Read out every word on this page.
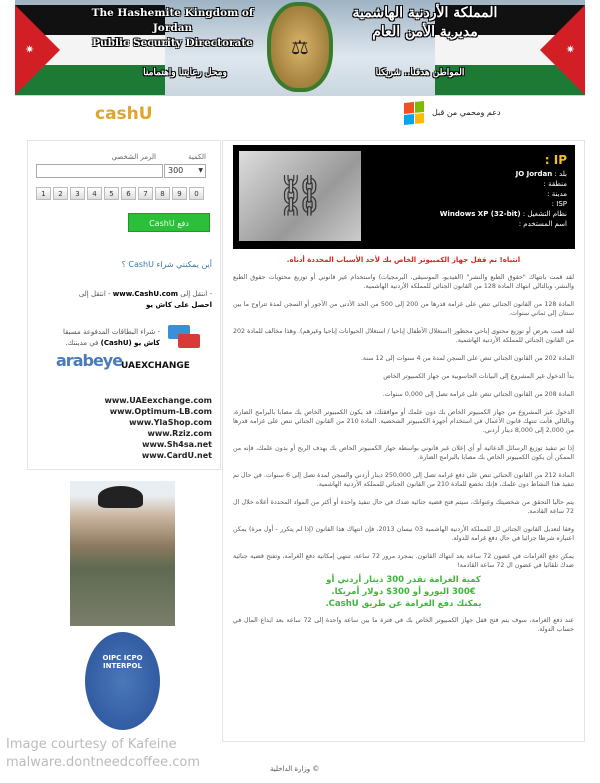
✷	✷
The Hashemite Kingdom of Jordan
Public Security Directorate
ومحل رعايتنا واهتمامنا
⚖
المملكة الأردنية الهاشمية
مديرية الأمن العام
المواطن هدفنا.. شريكنا
cashU	دعم ومحمي من قبل
الكمية
الرمز الشخصي
300	▼
1	2	3	4	5	6	7	8	9	0
دفع CashU
أين يمكنني شراء CashU ؟
- انتقل إلى www.CashU.com - انتقل إلى
احصل على كاش يو
- شراء البطاقات المدفوعة مسبقا
كاش يو (CashU) في مدينتك.
arabeye
UAEXCHANGE
www.UAEexchange.com
www.Optimum-LB.com
www.YlaShop.com
www.Rziz.com
www.Sh4sa.net
www.CardU.net
OIPC ICPO INTERPOL
⛓
IP :
بلد : JO Jordan
منطقة :
مدينة :
ISP :
نظام التشغيل : Windows XP (32-bit)
اسم المستخدم :
انتباه! تم قفل جهاز الكمبيوتر الخاص بك لأحد الأسباب المحددة أدناه.

لقد قمت بانتهاك "حقوق الطبع والنشر" (الفيديو، الموسيقى، البرمجيات) واستخدام غير قانوني أو توزيع محتويات حقوق الطبع والنشر، وبالتالي انتهاك المادة 128 من القانون الجنائي للمملكة الأردنية الهاشمية.

المادة 128 من القانون الجنائي تنص على غرامة قدرها من 200 إلى 500 من الحد الأدنى من الأجور أو السجن لمدة تتراوح ما بين سنتان إلى ثماني سنوات.

لقد قمت بعرض أو توزيع محتوى إباحي محظور (استغلال الأطفال إباحيا / استغلال الحيوانات إباحيا وغيرهم). وهذا مخالف للمادة 202 من القانون الجنائي للمملكة الأردنية الهاشمية.

المادة 202 من القانون الجنائي تنص على السجن لمدة من 4 سنوات إلى 12 سنة.

بدأ الدخول غير المشروع إلى البيانات الحاسوبية من جهاز الكمبيوتر الخاص

المادة 208 من القانون الجنائي تنص على غرامة تصل إلى 0,000 سنوات.

الدخول غير المشروع من جهاز الكمبيوتر الخاص بك دون علمك أو موافقتك، قد يكون الكمبيوتر الخاص بك مصابا بالبرامج الضارة، وبالتالي فأنت تنتهك قانون الأعمال في استخدام أجهزة الكمبيوتر الشخصية. المادة 210 من القانون الجنائي تنص على غرامة قدرها من 2,000 إلى 8,000 دينار أردني.

إذا تم تنفيذ توزيع الرسائل الدعائية أو أي إعلان غير قانوني بواسطة جهاز الكمبيوتر الخاص بك بهدف الربح أو بدون علمك، فإنه من الممكن أن يكون الكمبيوتر الخاص بك مصابا بالبرامج الضارة.

المادة 212 من القانون الجنائي تنص على دفع غرامة تصل إلى 250,000 دينار أردني والسجن لمدة تصل إلى 6 سنوات. في حال تم تنفيذ هذا النشاط دون علمك، فإنك تخضع للمادة 210 من القانون الجنائي للمملكة الأردنية الهاشمية.

يتم حاليا التحقق من شخصيتك وعنوانك، سيتم فتح قضية جنائية ضدك في حال تنفيذ واحدة أو أكثر من المواد المحددة أعلاه خلال ال 72 ساعة القادمة.

وفقا لتعديل القانون الجنائي لل للمملكة الأردنية الهاشمية 03 نيسان 2013، فإن انتهاك هذا القانون (إذا لم يتكرر - أول مرة) يمكن اعتباره شرطا جزائيا في حال دفع غرامة للدولة.

يمكن دفع الغرامات في غضون 72 ساعة بعد انتهاك القانون. بمجرد مرور 72 ساعة، تنتهي إمكانية دفع الغرامة، وتفتح قضية جنائية ضدك تلقائيا في غضون ال 72 ساعة القادمة!

كمية الغرامة تقدر 300 دينار أردني أو
300€ اليورو أو 300$ دولار أمريكا.
يمكنك دفع الغرامة عن طريق CashU.

عند دفع الغرامة، سوف يتم فتح قفل جهاز الكمبيوتر الخاص بك في فترة ما بين ساعة واحدة إلى 72 ساعة بعد ايداع المال في حساب الدولة.

Image courtesy of Kafeine
malware.dontneedcoffee.com	© وزارة الداخلية
